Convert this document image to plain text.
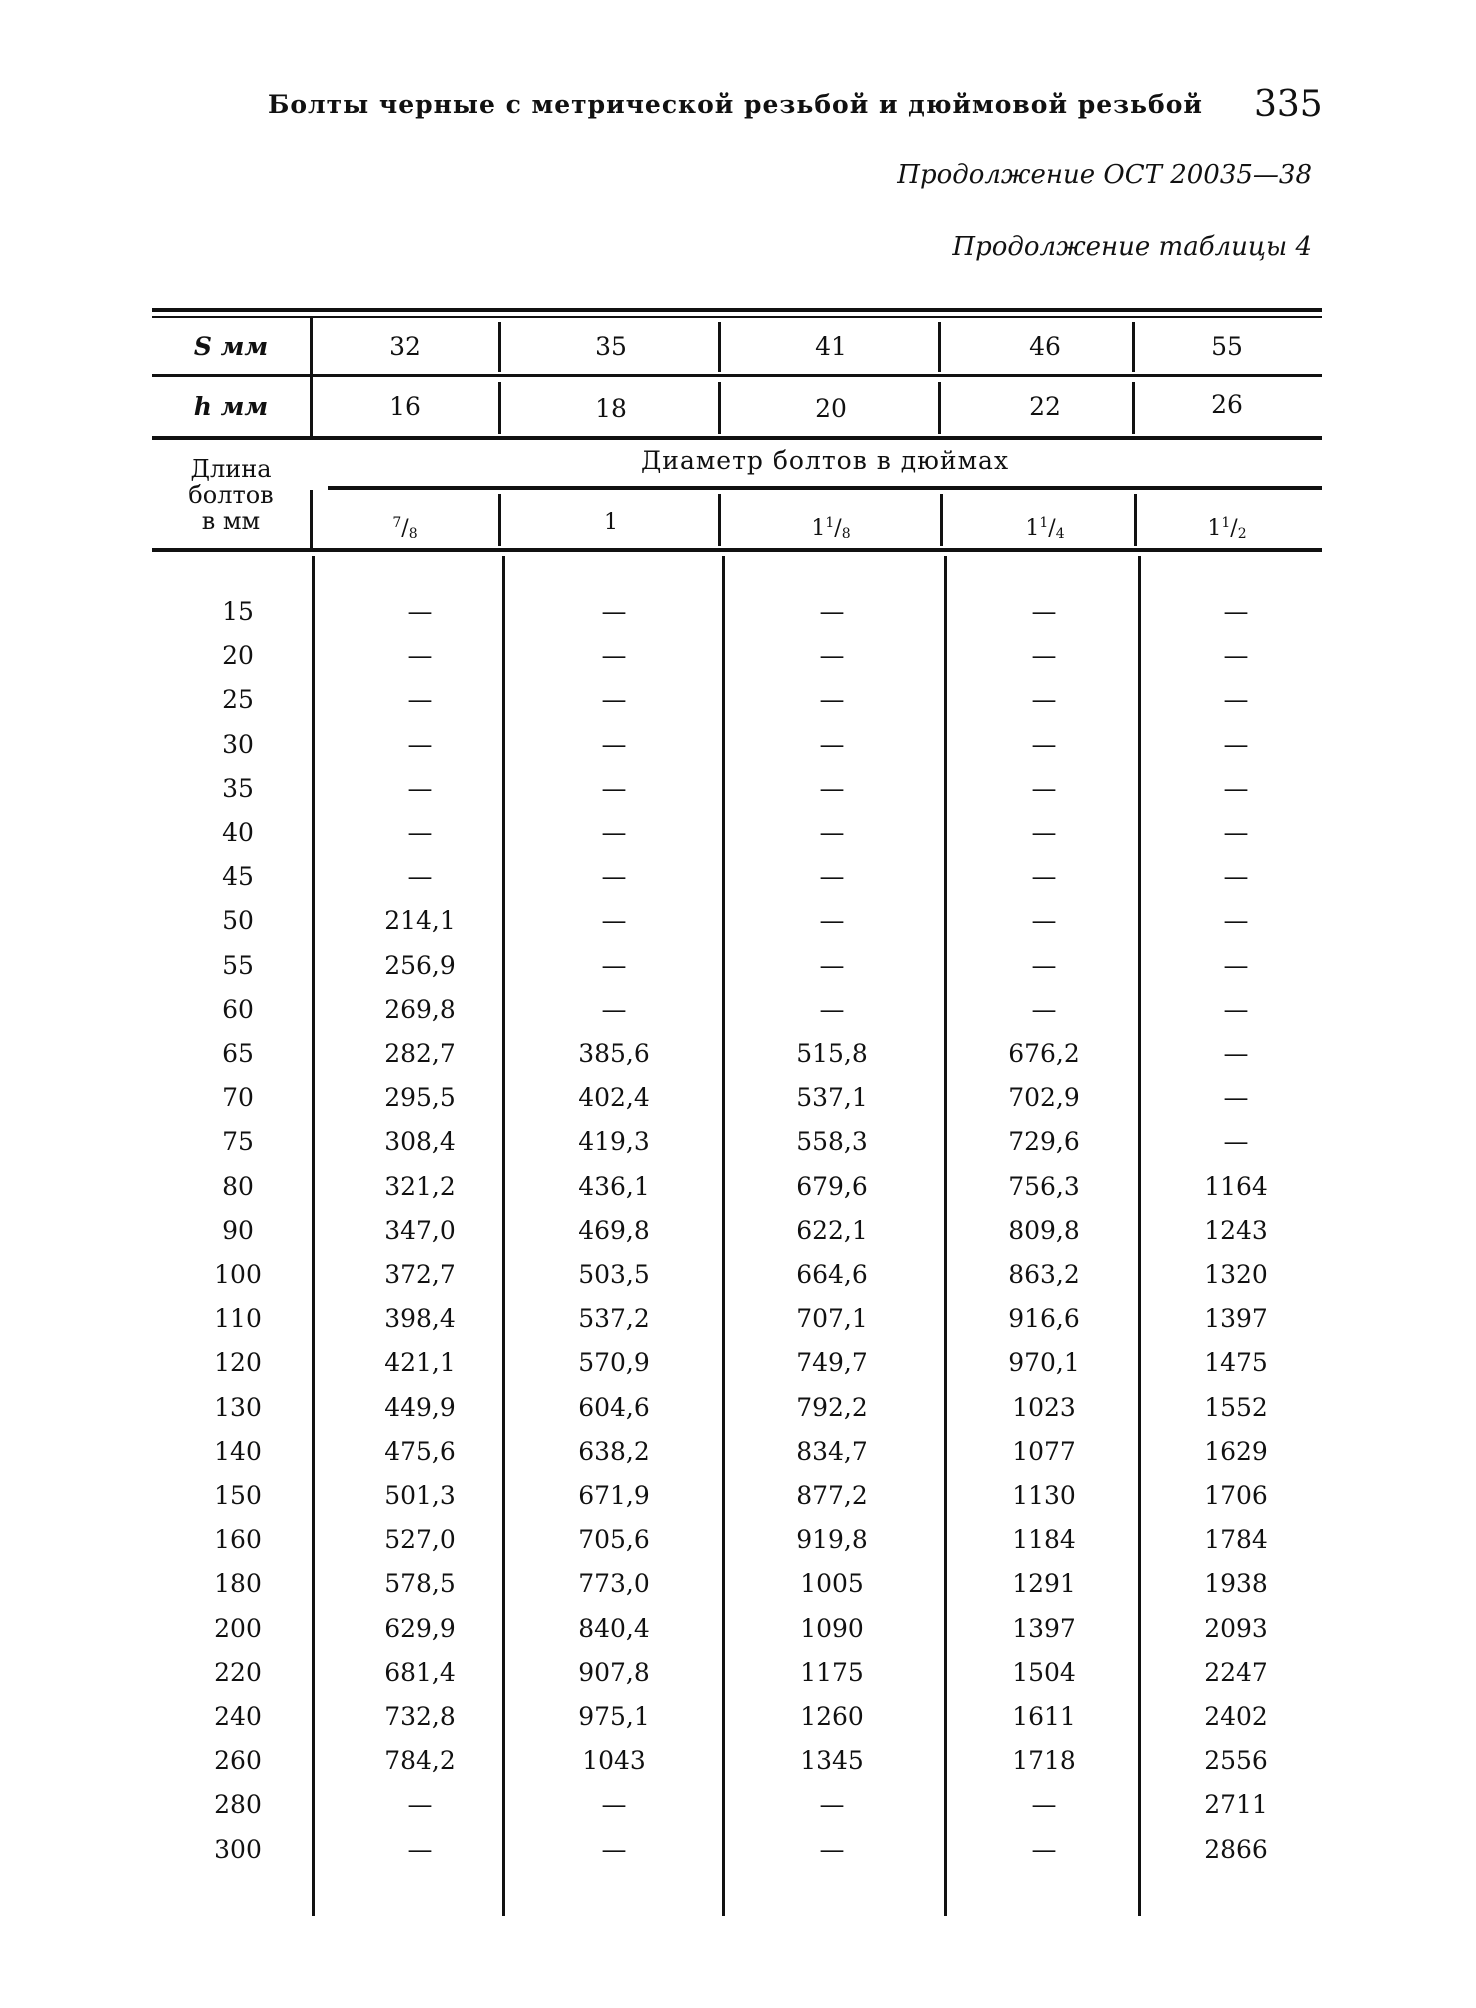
Болты черные с метрической резьбой и дюймовой резьбой 335
Продолжение ОСТ 20035—38
Продолжение таблицы 4
S мм	32	35	41	46	55
h мм	16	18	20	22	26
Длина
болтов
в мм
Диаметр болтов в дюймах
$^7/_8$	1	$1^1/_8$	$1^1/_4$	$1^1/_2$
15	—	—	—	—	—
20	—	—	—	—	—
25	—	—	—	—	—
30	—	—	—	—	—
35	—	—	—	—	—
40	—	—	—	—	—
45	—	—	—	—	—
50	214,1	—	—	—	—
55	256,9	—	—	—	—
60	269,8	—	—	—	—
65	282,7	385,6	515,8	676,2	—
70	295,5	402,4	537,1	702,9	—
75	308,4	419,3	558,3	729,6	—
80	321,2	436,1	679,6	756,3	1164
90	347,0	469,8	622,1	809,8	1243
100	372,7	503,5	664,6	863,2	1320
110	398,4	537,2	707,1	916,6	1397
120	421,1	570,9	749,7	970,1	1475
130	449,9	604,6	792,2	1023	1552
140	475,6	638,2	834,7	1077	1629
150	501,3	671,9	877,2	1130	1706
160	527,0	705,6	919,8	1184	1784
180	578,5	773,0	1005	1291	1938
200	629,9	840,4	1090	1397	2093
220	681,4	907,8	1175	1504	2247
240	732,8	975,1	1260	1611	2402
260	784,2	1043	1345	1718	2556
280	—	—	—	—	2711
300	—	—	—	—	2866
